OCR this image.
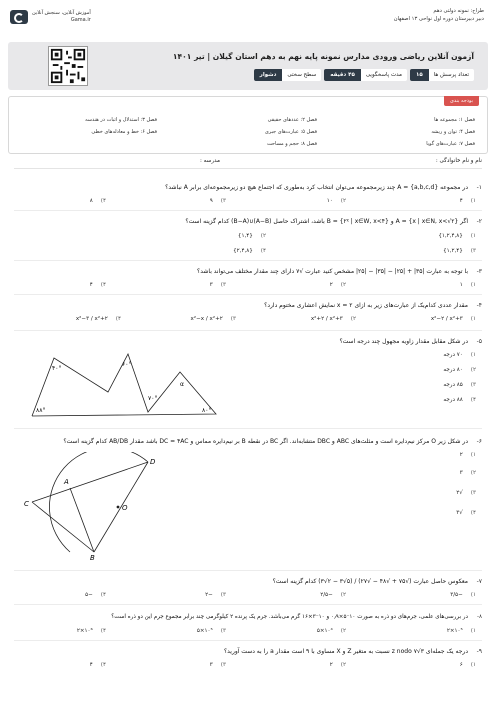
آموزش آنلاین، سنجش آنلاین
Gama.ir
طراح: نمونه دولتی دهم
دبیر دبیرستان دوره اول نواحی ۱۳ اصفهان
آزمون آنلاین ریاضی ورودی مدارس نمونه پایه نهم به دهم استان گیلان | تیر ۱۴۰۱
تعداد پرسش ها
۱۵
مدت پاسخگویی
۴۵ دقیقه
سطح سختی
دشوار
بودجه بندی
فصل ۱: مجموعه ها
فصل ۲: عددهای حقیقی
فصل ۳: استدلال و اثبات در هندسه
فصل ۴: توان و ریشه
فصل ۵: عبارت‌های جبری
فصل ۶: خط و معادله‌های خطی
فصل ۷: عبارت‌های گویا
فصل ۸: حجم و مساحت
نام و نام خانوادگی :
مدرسه :
۱-در مجموعه A = {a,b,c,d} چند زیرمجموعه می‌توان انتخاب کرد به‌طوری که اجتماع هیچ دو زیرمجموعه‌ای برابر A نباشد؟
۱)۴
۲)۱۰
۳)۹
۴)۸
۲-اگر A = {x | x∈N, x<√۲} و B = {۲ᵡ | x∈W, x<۴} باشد، اشتراک حاصل (A−B)∪(B−A) کدام گزینه است؟
۱){۱,۲,۴,۸}
۲){۱,۴}
۳){۱,۲,۴}
۴){۲,۴,۸}
۳-با توجه به عبارت |۳۵| + |۲۵| − |۳۵| − |۲۵| مشخص کنید عبارت √۷ دارای چند مقدار مختلف می‌تواند باشد؟
۱)۱
۲)۲
۳)۳
۴)۴
۴-مقدار عددی کدام‌یک از عبارت‌های زیر به ازای x = ۲ نمایش اعشاری مختوم دارد؟
۱)x²−۲ / x²+۳
۲)x²+۲ / x²+۳
۳)x²−x / x²+۲
۴)x²−۳ / x²+۲
۵-در شکل مقابل مقدار زاویه مجهول چند درجه است؟
۱)۷۰ درجه
۲)۸۰ درجه
۳)۸۵ درجه
۴)۸۸ درجه
۴۰°
۶۰°
۷۰°
α
۸۰°
۸۸°
۶-در شکل زیر O مرکز نیم‌دایره است و مثلث‌های ABC و DBC متشابه‌اند. اگر BC در نقطه B بر نیم‌دایره مماس و DC = ۴AC باشد مقدار AB/DB کدام گزینه است؟
۱)۲
۲)۳
۳)√۲
۴)√۳
D
A
C	O
B
۷-معکوس حاصل عبارت (√۷۵ + √۴۸ − √۲۷) / (۵√۳ − ۲√۳) کدام گزینه است؟
۱)−۳/۵
۲)−۲/۵
۳)−۲
۴)−۵
۸-در بررسی‌های علمی، جرم‌های دو ذره به صورت ۱۰⁻۵×۰٫۹ و ۱۰⁻۳×۱۶ گرم می‌باشد. جرم یک پرنده ۲ کیلوگرمی چند برابر مجموع جرم این دو ذره است؟
۱)۱۰⁵×۲
۲)۱۰⁴×۵
۳)۱۰⁵×۵
۴)۱۰⁶×۲
۹-درجه یک جمله‌ای ۳√۷ z nodo نسبت به متغیر Z و X مساوی با ۹ است مقدار a را به دست آورید؟
۱)۶
۲)۲
۳)۳
۴)۴
